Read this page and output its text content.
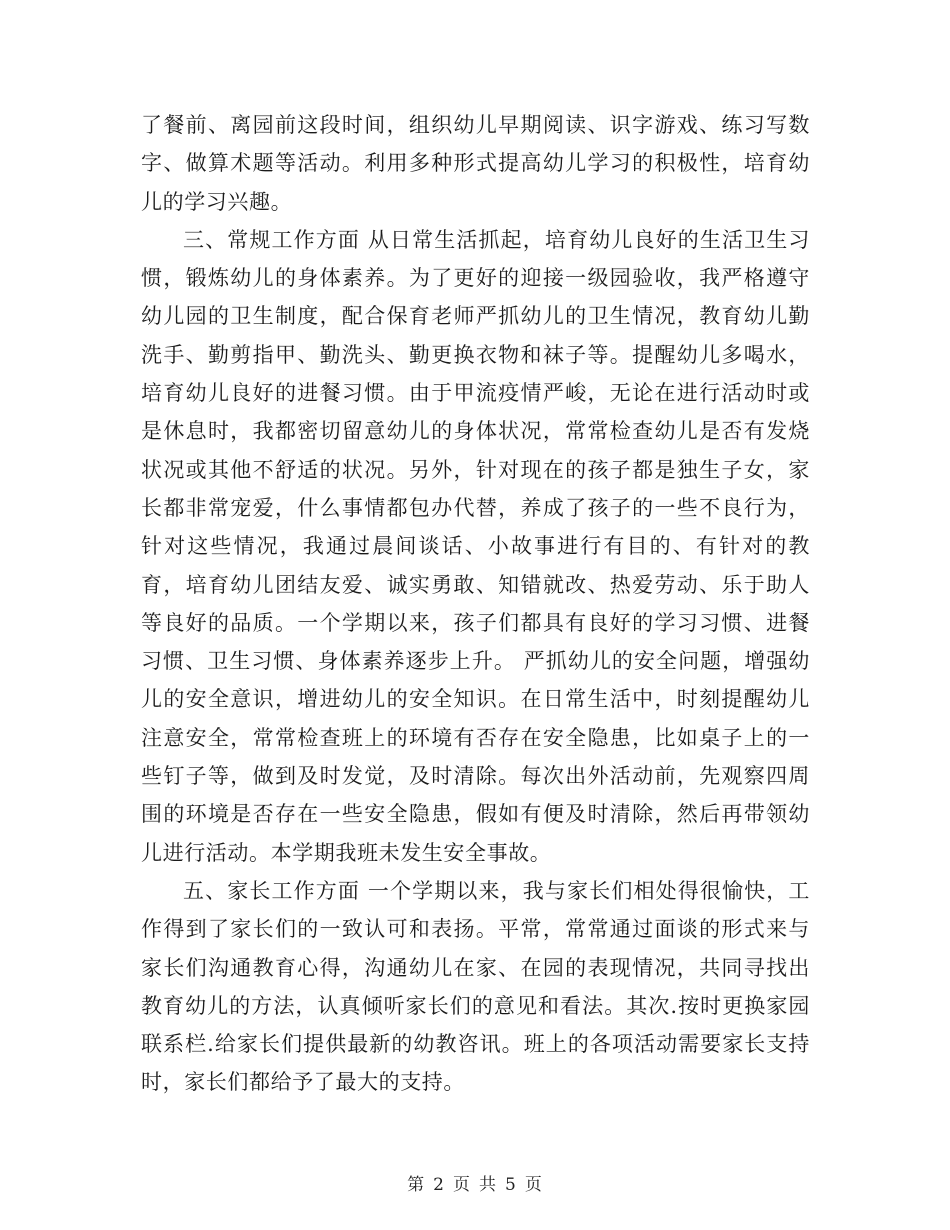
了餐前、离园前这段时间，组织幼儿早期阅读、识字游戏、练习写数字、做算术题等活动。利用多种形式提高幼儿学习的积极性，培育幼儿的学习兴趣。

三、常规工作方面 从日常生活抓起，培育幼儿良好的生活卫生习惯，锻炼幼儿的身体素养。为了更好的迎接一级园验收，我严格遵守幼儿园的卫生制度，配合保育老师严抓幼儿的卫生情况，教育幼儿勤洗手、勤剪指甲、勤洗头、勤更换衣物和袜子等。提醒幼儿多喝水，培育幼儿良好的进餐习惯。由于甲流疫情严峻，无论在进行活动时或是休息时，我都密切留意幼儿的身体状况，常常检查幼儿是否有发烧状况或其他不舒适的状况。另外，针对现在的孩子都是独生子女，家长都非常宠爱，什么事情都包办代替，养成了孩子的一些不良行为，针对这些情况，我通过晨间谈话、小故事进行有目的、有针对的教育，培育幼儿团结友爱、诚实勇敢、知错就改、热爱劳动、乐于助人等良好的品质。一个学期以来，孩子们都具有良好的学习习惯、进餐习惯、卫生习惯、身体素养逐步上升。 严抓幼儿的安全问题，增强幼儿的安全意识，增进幼儿的安全知识。在日常生活中，时刻提醒幼儿注意安全，常常检查班上的环境有否存在安全隐患，比如桌子上的一些钉子等，做到及时发觉，及时清除。每次出外活动前，先观察四周围的环境是否存在一些安全隐患，假如有便及时清除，然后再带领幼儿进行活动。本学期我班未发生安全事故。

五、家长工作方面 一个学期以来，我与家长们相处得很愉快，工作得到了家长们的一致认可和表扬。平常，常常通过面谈的形式来与家长们沟通教育心得，沟通幼儿在家、在园的表现情况，共同寻找出教育幼儿的方法，认真倾听家长们的意见和看法。其次.按时更换家园联系栏.给家长们提供最新的幼教咨讯。班上的各项活动需要家长支持时，家长们都给予了最大的支持。

第 2 页 共 5 页
